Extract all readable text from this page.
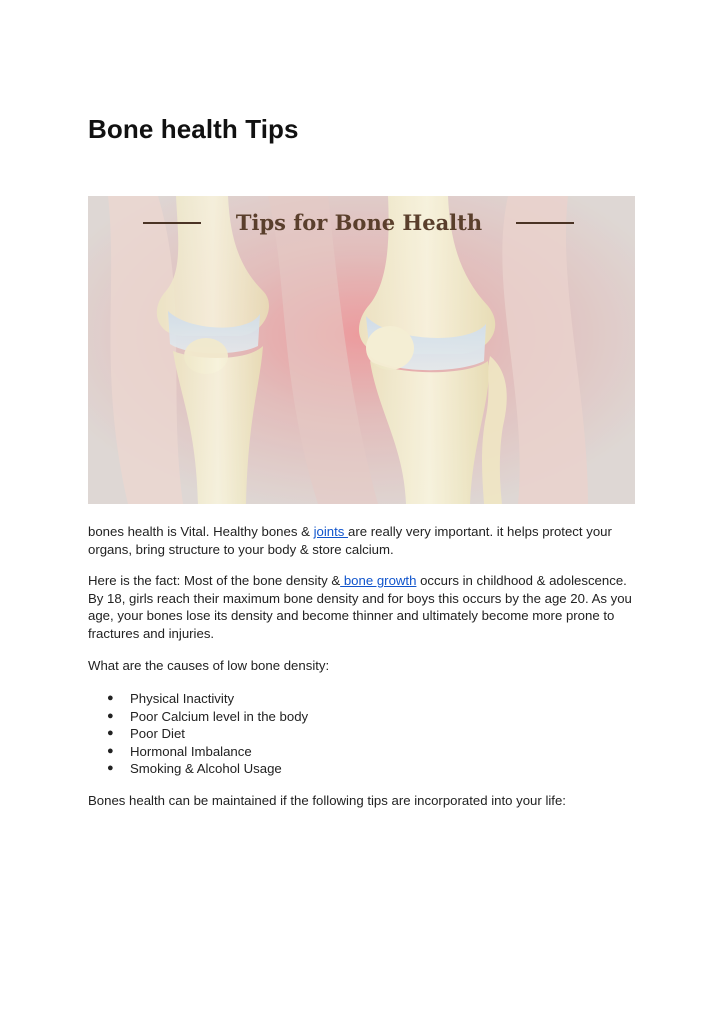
Bone health Tips
Tips for Bone Health

bones health is Vital. Healthy bones & joints are really very important. it helps protect your organs, bring structure to your body & store calcium.

Here is the fact: Most of the bone density & bone growth occurs in childhood & adolescence. By 18, girls reach their maximum bone density and for boys this occurs by the age 20. As you age, your bones lose its density and become thinner and ultimately become more prone to fractures and injuries.

What are the causes of low bone density:

● Physical Inactivity
● Poor Calcium level in the body
● Poor Diet
● Hormonal Imbalance
● Smoking & Alcohol Usage

Bones health can be maintained if the following tips are incorporated into your life:
